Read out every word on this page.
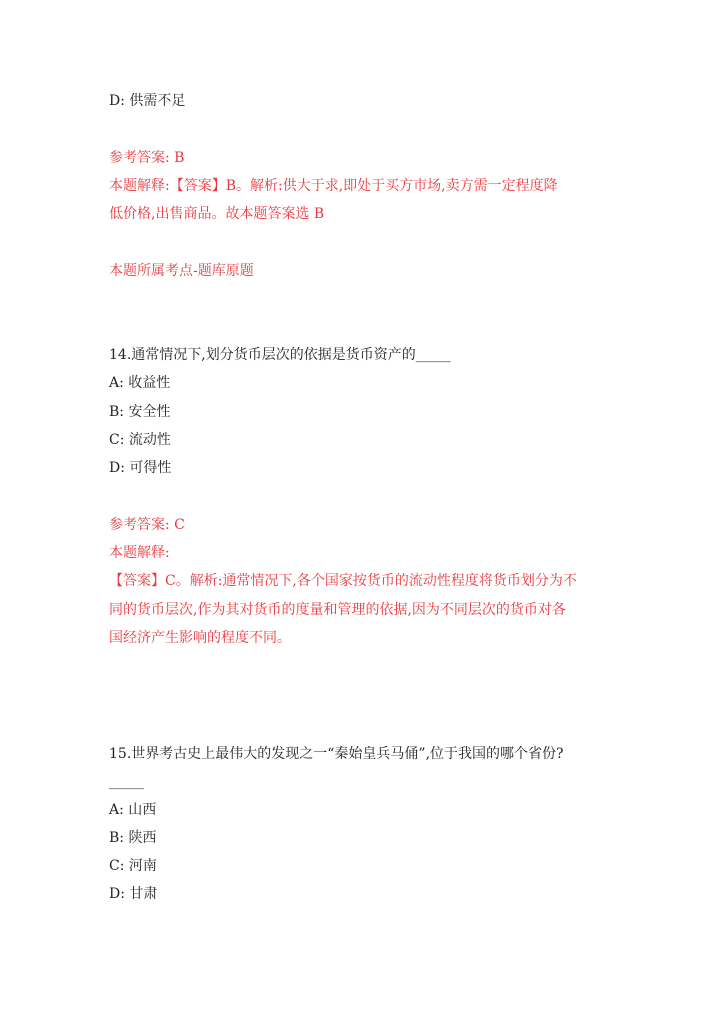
D: 供需不足
参考答案: B
本题解释:【答案】B。解析:供大于求,即处于买方市场,卖方需一定程度降
低价格,出售商品。故本题答案选 B
本题所属考点-题库原题
14.通常情况下,划分货币层次的依据是货币资产的_____
A: 收益性
B: 安全性
C: 流动性
D: 可得性
参考答案: C
本题解释:
【答案】C。解析:通常情况下,各个国家按货币的流动性程度将货币划分为不
同的货币层次,作为其对货币的度量和管理的依据,因为不同层次的货币对各
国经济产生影响的程度不同。
15.世界考古史上最伟大的发现之一“秦始皇兵马俑”,位于我国的哪个省份?
_____
A: 山西
B: 陕西
C: 河南
D: 甘肃
